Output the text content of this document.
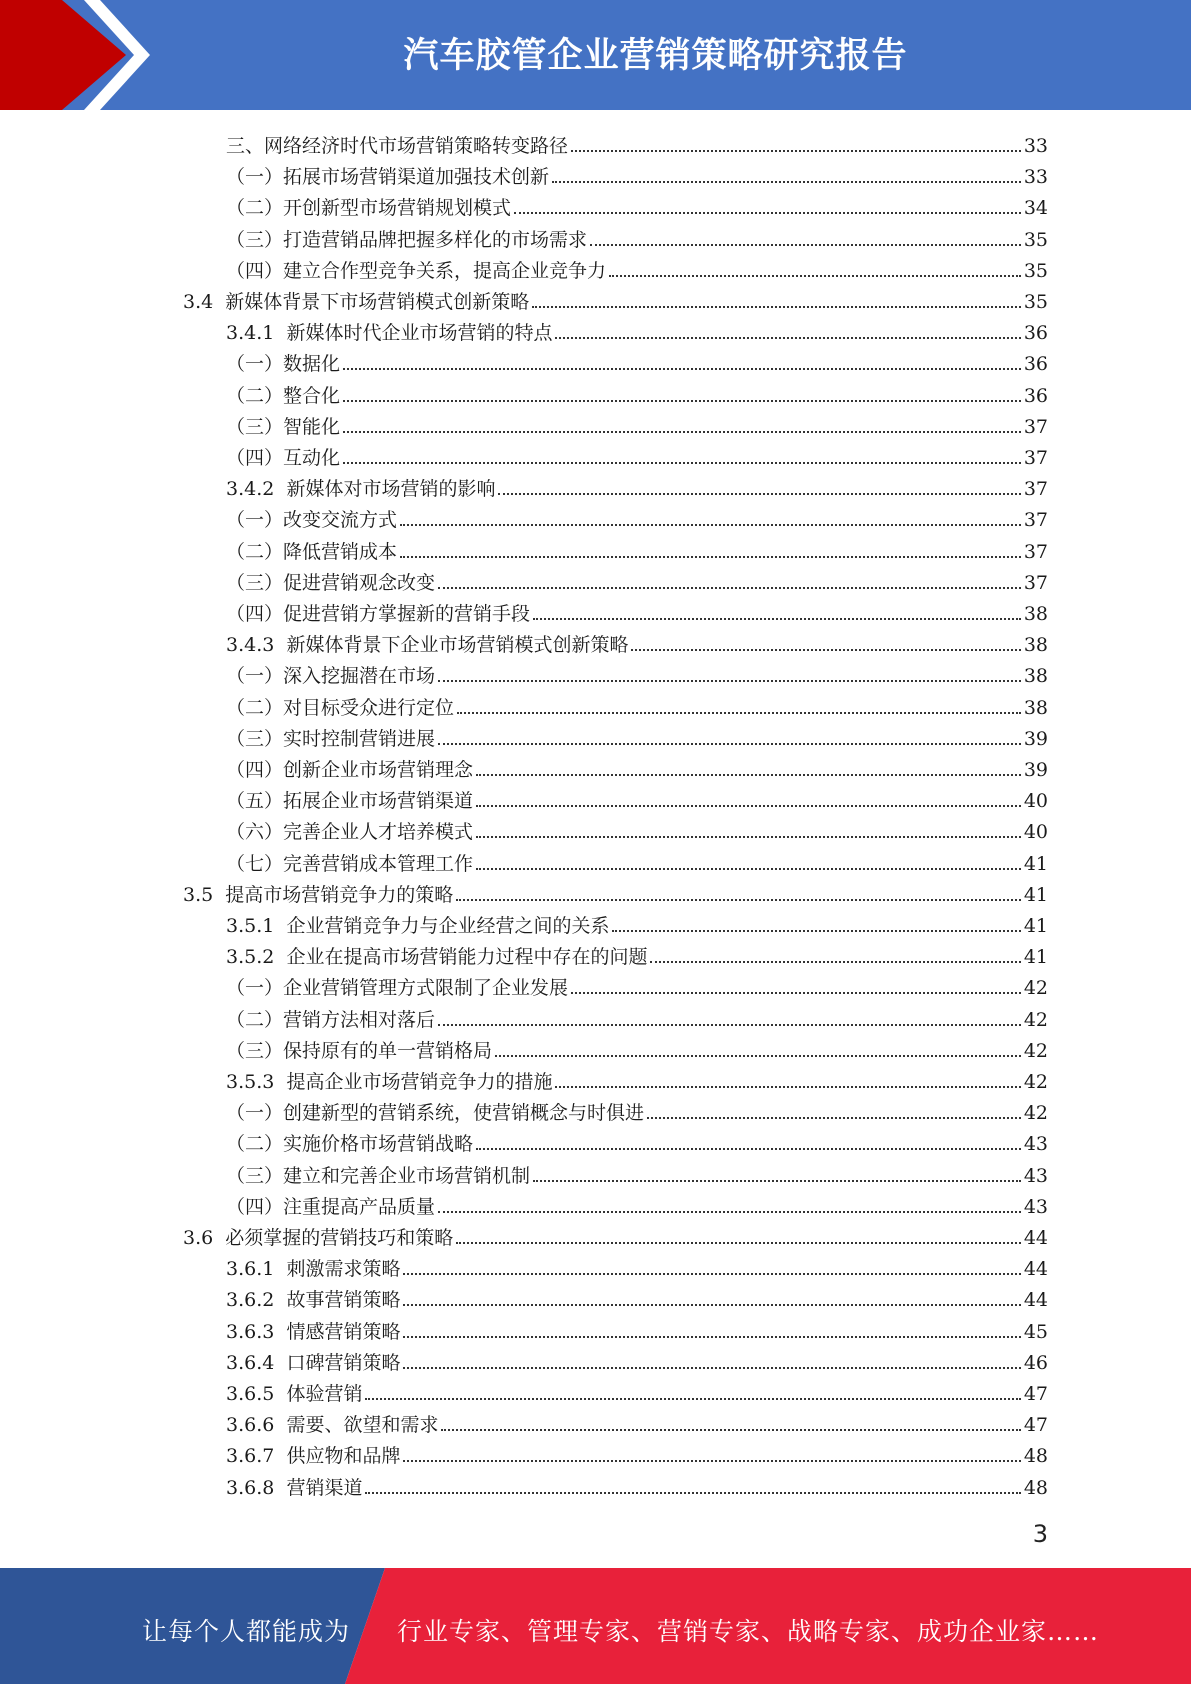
汽车胶管企业营销策略研究报告
三、网络经济时代市场营销策略转变路径	33
（一）拓展市场营销渠道加强技术创新	33
（二）开创新型市场营销规划模式	34
（三）打造营销品牌把握多样化的市场需求	35
（四）建立合作型竞争关系，提高企业竞争力	35
3.4 新媒体背景下市场营销模式创新策略	35
3.4.1 新媒体时代企业市场营销的特点	36
（一）数据化	36
（二）整合化	36
（三）智能化	37
（四）互动化	37
3.4.2 新媒体对市场营销的影响	37
（一）改变交流方式	37
（二）降低营销成本	37
（三）促进营销观念改变	37
（四）促进营销方掌握新的营销手段	38
3.4.3 新媒体背景下企业市场营销模式创新策略	38
（一）深入挖掘潜在市场	38
（二）对目标受众进行定位	38
（三）实时控制营销进展	39
（四）创新企业市场营销理念	39
（五）拓展企业市场营销渠道	40
（六）完善企业人才培养模式	40
（七）完善营销成本管理工作	41
3.5 提高市场营销竞争力的策略	41
3.5.1 企业营销竞争力与企业经营之间的关系	41
3.5.2 企业在提高市场营销能力过程中存在的问题	41
（一）企业营销管理方式限制了企业发展	42
（二）营销方法相对落后	42
（三）保持原有的单一营销格局	42
3.5.3 提高企业市场营销竞争力的措施	42
（一）创建新型的营销系统，使营销概念与时俱进	42
（二）实施价格市场营销战略	43
（三）建立和完善企业市场营销机制	43
（四）注重提高产品质量	43
3.6 必须掌握的营销技巧和策略	44
3.6.1 刺激需求策略	44
3.6.2 故事营销策略	44
3.6.3 情感营销策略	45
3.6.4 口碑营销策略	46
3.6.5 体验营销	47
3.6.6 需要、欲望和需求	47
3.6.7 供应物和品牌	48
3.6.8 营销渠道	48
3
让每个人都能成为 行业专家、管理专家、营销专家、战略专家、成功企业家……
